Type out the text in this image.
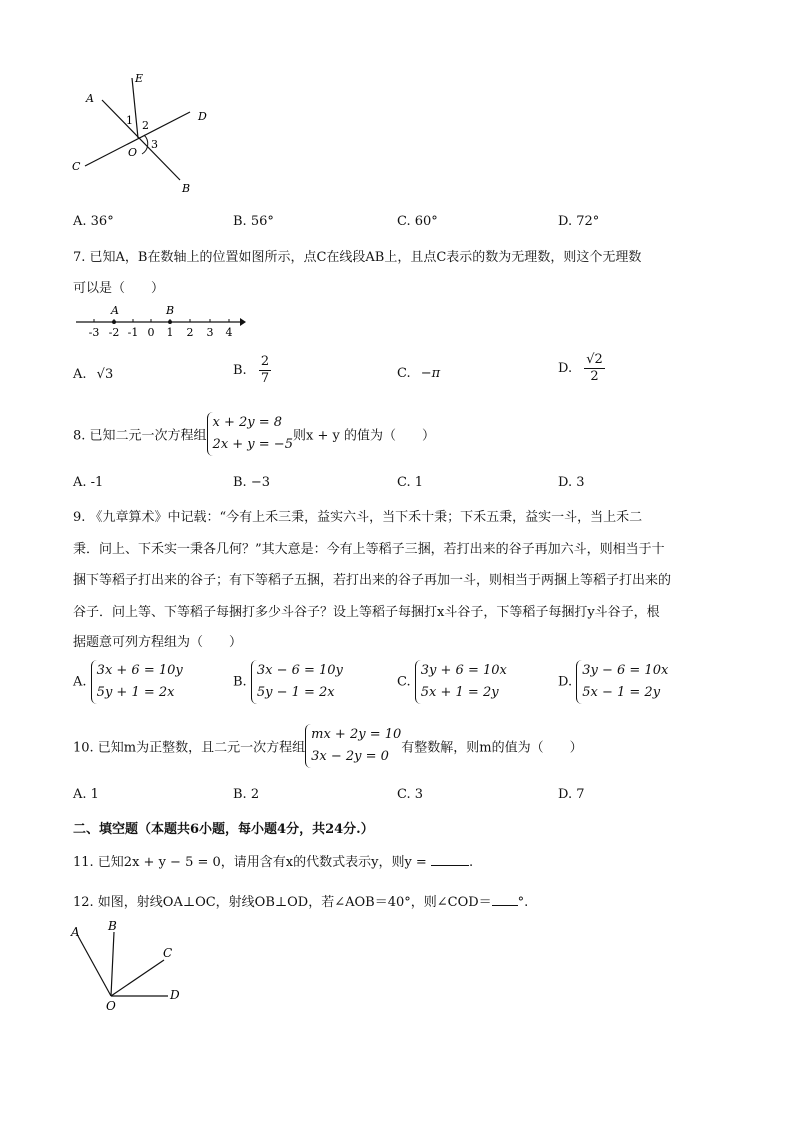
A
E
D
C
B
O
1 2
3
A. 36°	B. 56°	C. 60°	D. 72°
7. 已知A，B在数轴上的位置如图所示，点C在线段AB上，且点C表示的数为无理数，则这个无理数
可以是（　　）
A	B
-3 -2 -1 0 1 2 3 4
A. √3	B. $\frac{2}{7}$	C. −π	D. $\frac{√2}{2}$
8. 已知二元一次方程组
x + 2y = 8
2x + y = −5
则x + y 的值为（　　）
A. -1	B. −3	C. 1	D. 3
9. 《九章算术》中记载：“今有上禾三秉，益实六斗，当下禾十秉；下禾五秉，益实一斗，当上禾二
秉．问上、下禾实一秉各几何？”其大意是：今有上等稻子三捆，若打出来的谷子再加六斗，则相当于十
捆下等稻子打出来的谷子；有下等稻子五捆，若打出来的谷子再加一斗，则相当于两捆上等稻子打出来的
谷子．问上等、下等稻子每捆打多少斗谷子？设上等稻子每捆打x斗谷子，下等稻子每捆打y斗谷子，根
据题意可列方程组为（　　）
A.
3x + 6 = 10y
5y + 1 = 2x
B.
3x − 6 = 10y
5y − 1 = 2x
C.
3y + 6 = 10x
5x + 1 = 2y
D.
3y − 6 = 10x
5x − 1 = 2y
10. 已知m为正整数，且二元一次方程组
mx + 2y = 10
3x − 2y = 0
有整数解，则m的值为（　　）
A. 1	B. 2	C. 3	D. 7
二、填空题（本题共6小题，每小题4分，共24分.）
11. 已知2x + y − 5 = 0，请用含有x的代数式表示y，则y =	.
12. 如图，射线OA⊥OC，射线OB⊥OD，若∠AOB＝40°，则∠COD＝ °.
A B
C
D
O
